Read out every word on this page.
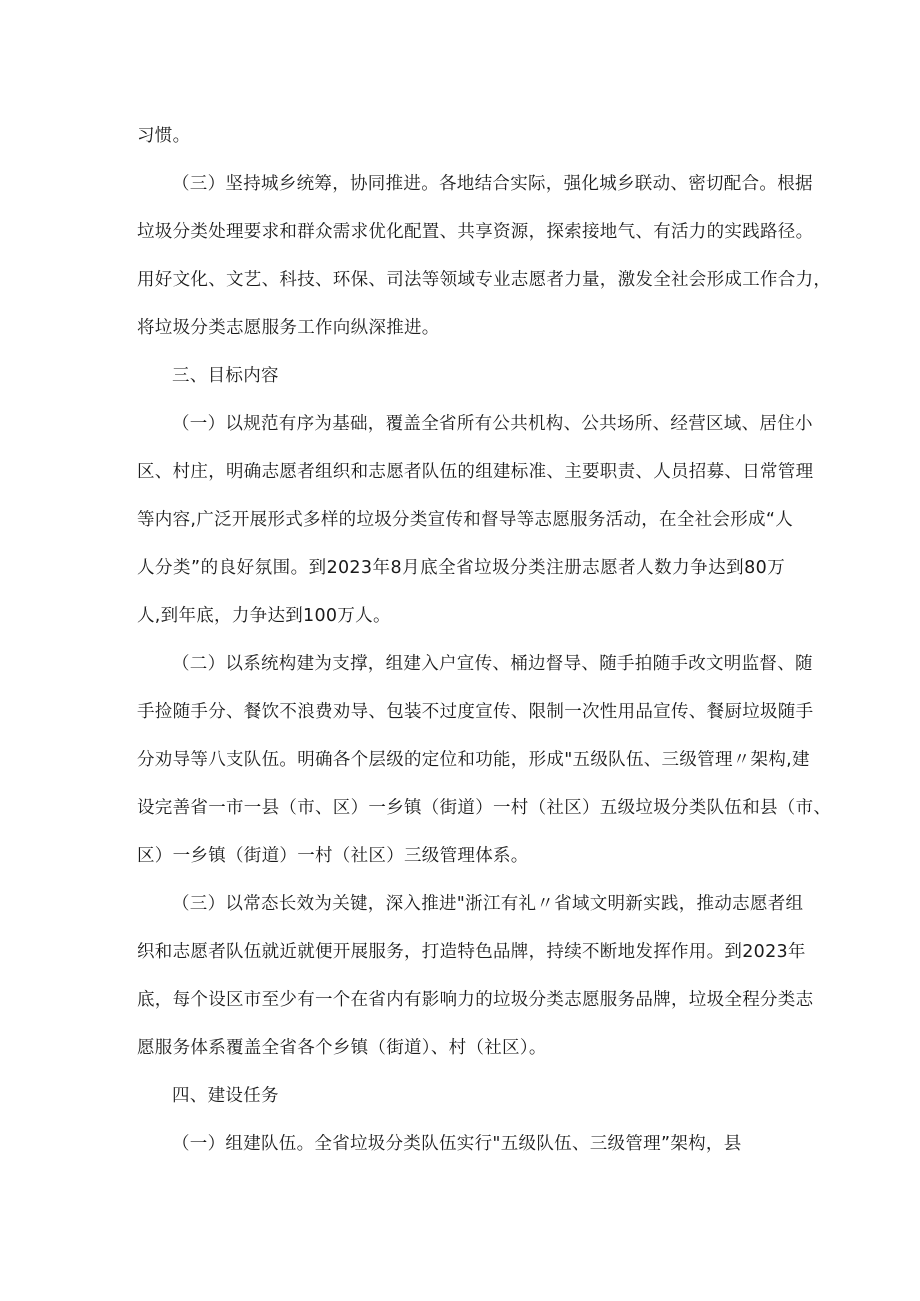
习惯。
（三）坚持城乡统筹，协同推进。各地结合实际，强化城乡联动、密切配合。根据
垃圾分类处理要求和群众需求优化配置、共享资源，探索接地气、有活力的实践路径。
用好文化、文艺、科技、环保、司法等领域专业志愿者力量，激发全社会形成工作合力，
将垃圾分类志愿服务工作向纵深推进。
三、目标内容
（一）以规范有序为基础，覆盖全省所有公共机构、公共场所、经营区域、居住小
区、村庄，明确志愿者组织和志愿者队伍的组建标准、主要职责、人员招募、日常管理
等内容,广泛开展形式多样的垃圾分类宣传和督导等志愿服务活动，在全社会形成“人
人分类”的良好氛围。到2023年8月底全省垃圾分类注册志愿者人数力争达到80万
人,到年底，力争达到100万人。
（二）以系统构建为支撑，组建入户宣传、桶边督导、随手拍随手改文明监督、随
手捡随手分、餐饮不浪费劝导、包装不过度宣传、限制一次性用品宣传、餐厨垃圾随手
分劝导等八支队伍。明确各个层级的定位和功能，形成"五级队伍、三级管理〃架构,建
设完善省一市一县（市、区）一乡镇（街道）一村（社区）五级垃圾分类队伍和县（市、
区）一乡镇（街道）一村（社区）三级管理体系。
（三）以常态长效为关键，深入推进"浙江有礼〃省域文明新实践，推动志愿者组
织和志愿者队伍就近就便开展服务，打造特色品牌，持续不断地发挥作用。到2023年
底，每个设区市至少有一个在省内有影响力的垃圾分类志愿服务品牌，垃圾全程分类志
愿服务体系覆盖全省各个乡镇（街道）、村（社区）。
四、建设任务
（一）组建队伍。全省垃圾分类队伍实行"五级队伍、三级管理”架构，县
